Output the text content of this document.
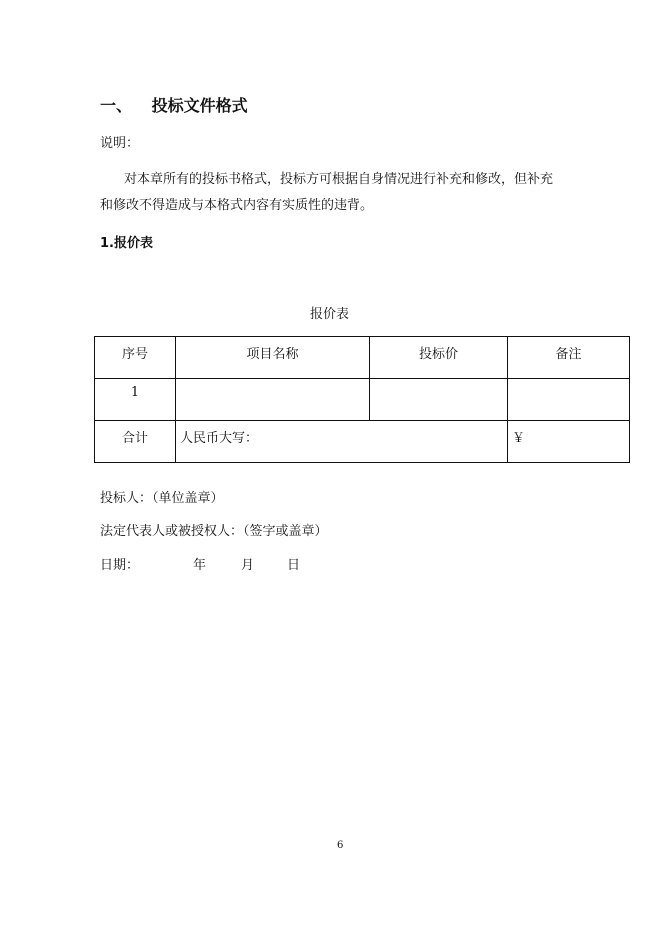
一、 投标文件格式
说明：
对本章所有的投标书格式，投标方可根据自身情况进行补充和修改，但补充
和修改不得造成与本格式内容有实质性的违背。
1.报价表
报价表
序号	项目名称	投标价	备注
1			
合计	人民币大写：		￥
投标人：（单位盖章）
法定代表人或被授权人：（签字或盖章）
日期：	年	月	日
6
